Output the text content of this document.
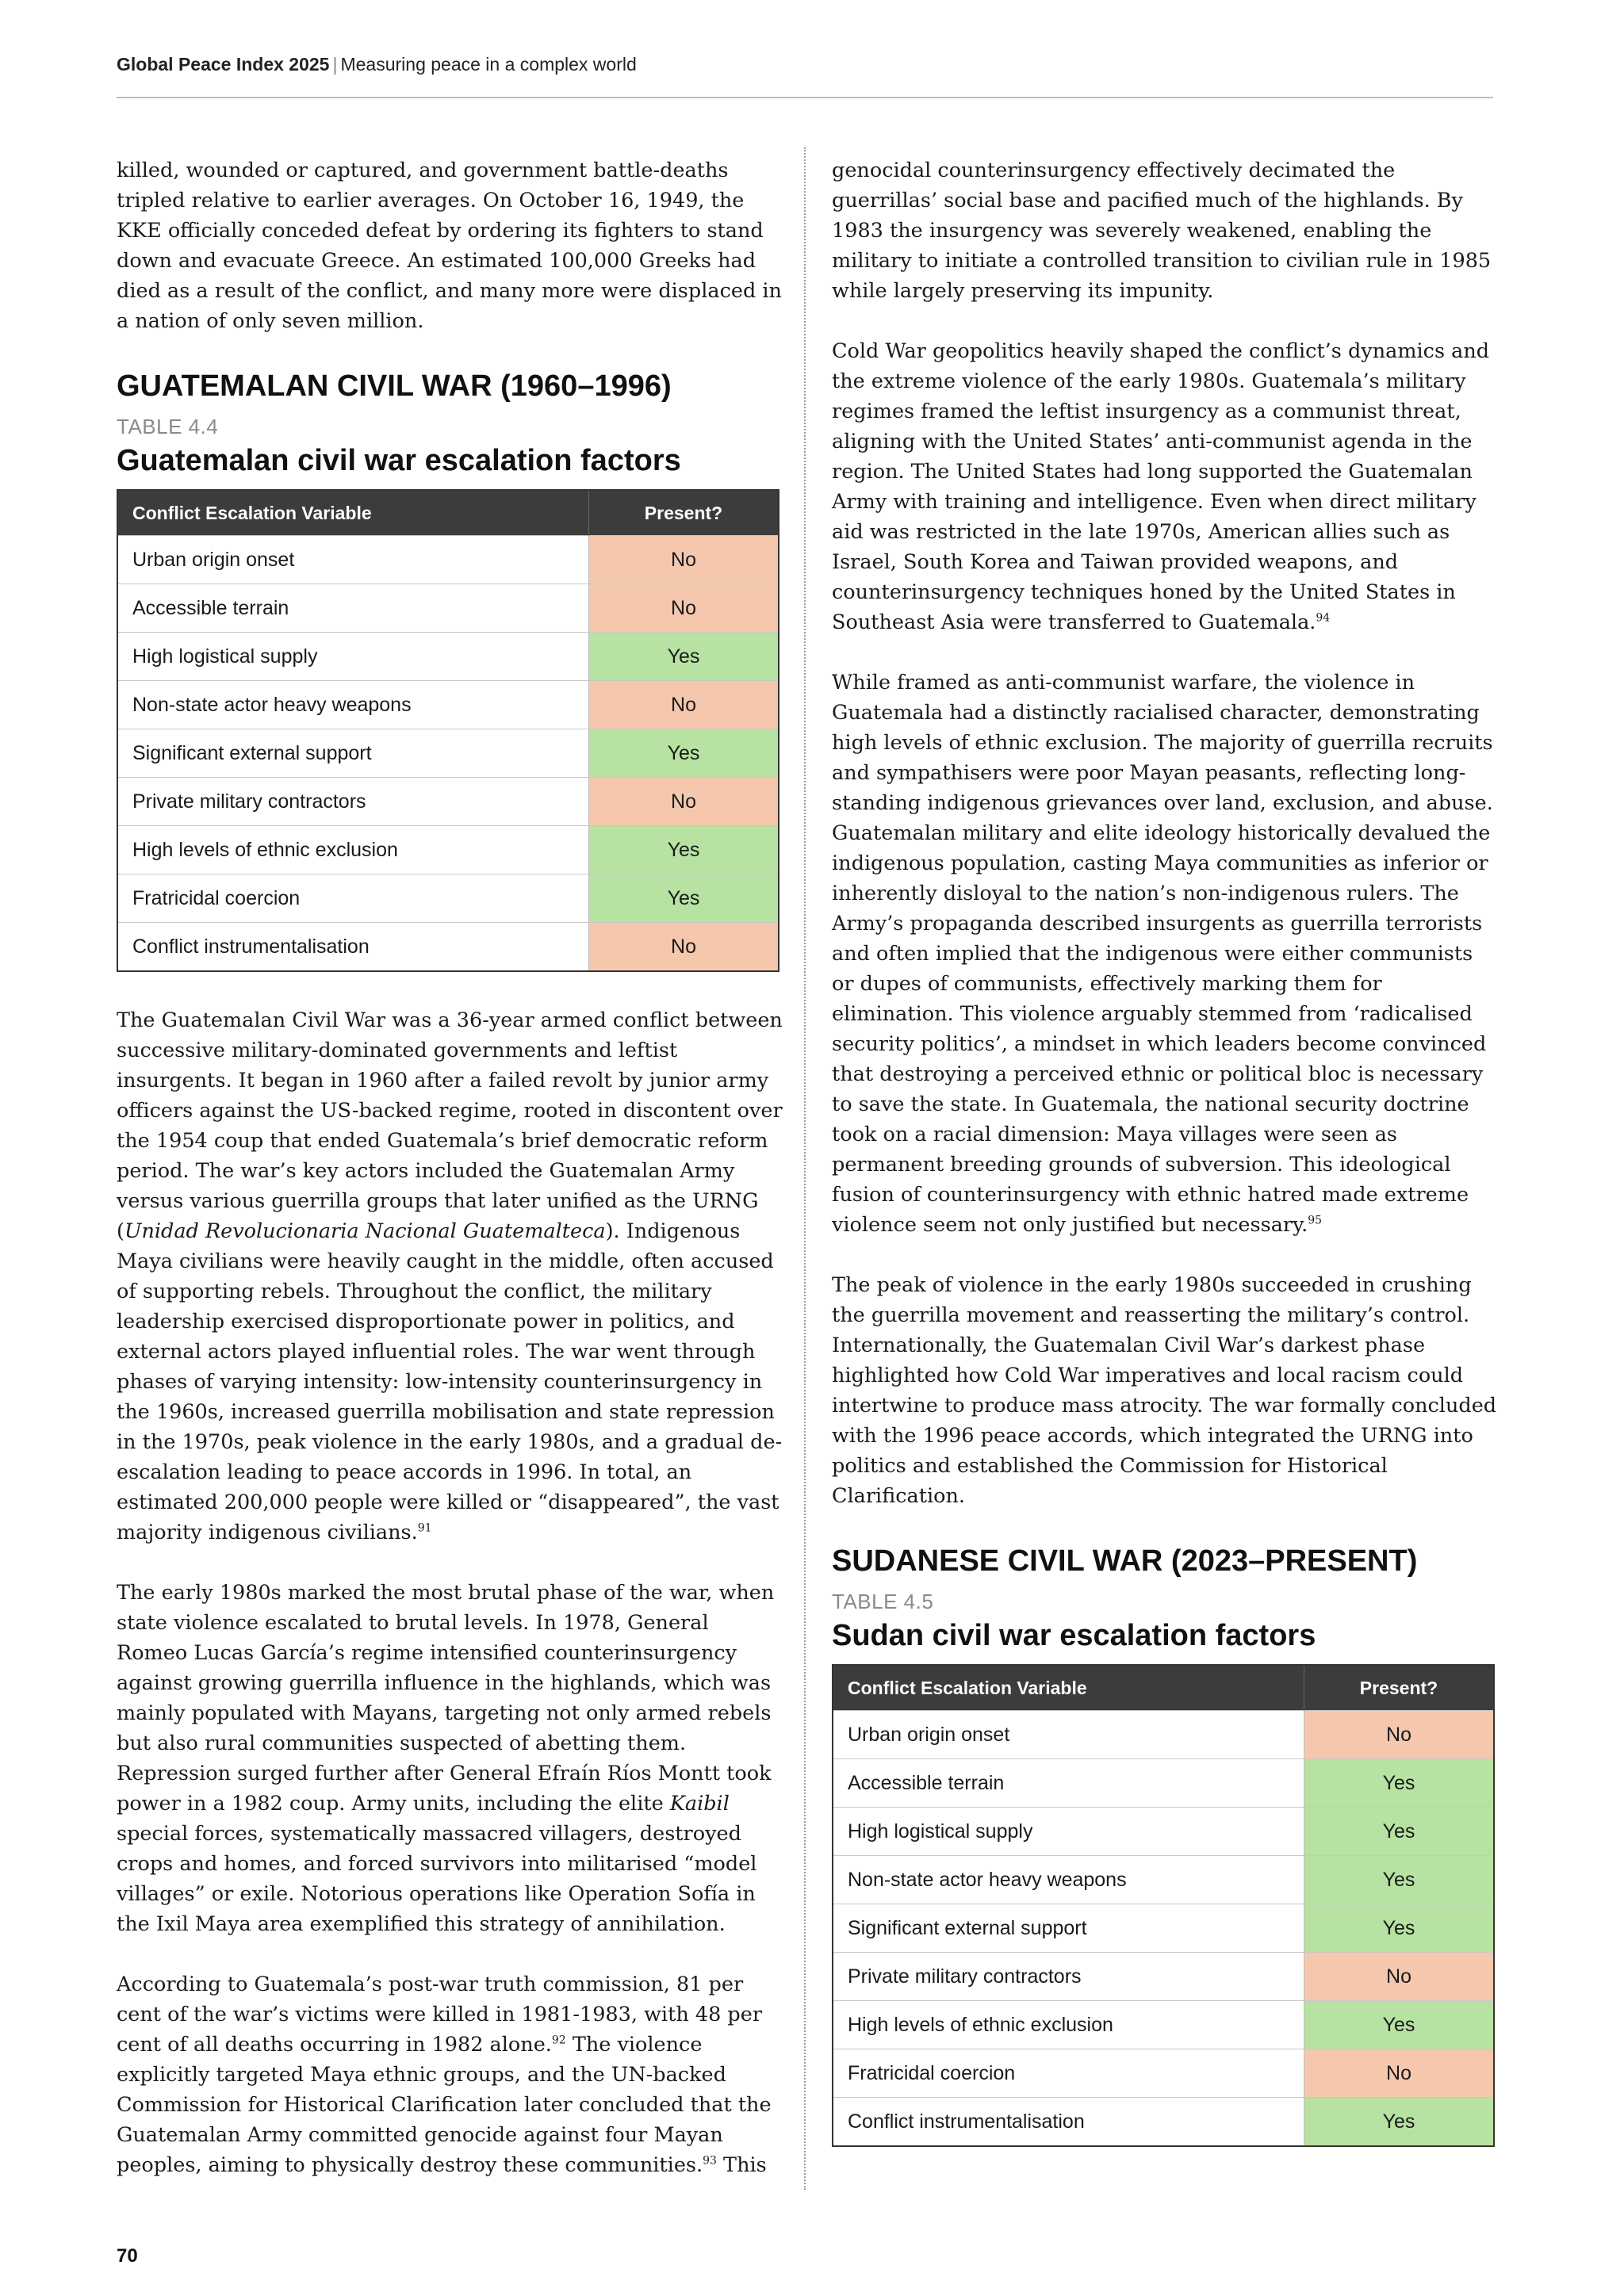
Global Peace Index 2025 | Measuring peace in a complex world

killed, wounded or captured, and government battle-deaths tripled relative to earlier averages. On October 16, 1949, the KKE officially conceded defeat by ordering its fighters to stand down and evacuate Greece. An estimated 100,000 Greeks had died as a result of the conflict, and many more were displaced in a nation of only seven million.

GUATEMALAN CIVIL WAR (1960–1996)
TABLE 4.4
Guatemalan civil war escalation factors
Conflict Escalation Variable	Present?
Urban origin onset	No
Accessible terrain	No
High logistical supply	Yes
Non-state actor heavy weapons	No
Significant external support	Yes
Private military contractors	No
High levels of ethnic exclusion	Yes
Fratricidal coercion	Yes
Conflict instrumentalisation	No

The Guatemalan Civil War was a 36-year armed conflict between successive military-dominated governments and leftist insurgents. It began in 1960 after a failed revolt by junior army officers against the US-backed regime, rooted in discontent over the 1954 coup that ended Guatemala’s brief democratic reform period. The war’s key actors included the Guatemalan Army versus various guerrilla groups that later unified as the URNG (Unidad Revolucionaria Nacional Guatemalteca). Indigenous Maya civilians were heavily caught in the middle, often accused of supporting rebels. Throughout the conflict, the military leadership exercised disproportionate power in politics, and external actors played influential roles. The war went through phases of varying intensity: low-intensity counterinsurgency in the 1960s, increased guerrilla mobilisation and state repression in the 1970s, peak violence in the early 1980s, and a gradual de-escalation leading to peace accords in 1996. In total, an estimated 200,000 people were killed or “disappeared”, the vast majority indigenous civilians.$^{91}$

The early 1980s marked the most brutal phase of the war, when state violence escalated to brutal levels. In 1978, General Romeo Lucas García’s regime intensified counterinsurgency against growing guerrilla influence in the highlands, which was mainly populated with Mayans, targeting not only armed rebels but also rural communities suspected of abetting them. Repression surged further after General Efraín Ríos Montt took power in a 1982 coup. Army units, including the elite Kaibil special forces, systematically massacred villagers, destroyed crops and homes, and forced survivors into militarised “model villages” or exile. Notorious operations like Operation Sofía in the Ixil Maya area exemplified this strategy of annihilation.

According to Guatemala’s post-war truth commission, 81 per cent of the war’s victims were killed in 1981-1983, with 48 per cent of all deaths occurring in 1982 alone.$^{92}$ The violence explicitly targeted Maya ethnic groups, and the UN-backed Commission for Historical Clarification later concluded that the Guatemalan Army committed genocide against four Mayan peoples, aiming to physically destroy these communities.$^{93}$ This

genocidal counterinsurgency effectively decimated the guerrillas’ social base and pacified much of the highlands. By 1983 the insurgency was severely weakened, enabling the military to initiate a controlled transition to civilian rule in 1985 while largely preserving its impunity.

Cold War geopolitics heavily shaped the conflict’s dynamics and the extreme violence of the early 1980s. Guatemala’s military regimes framed the leftist insurgency as a communist threat, aligning with the United States’ anti-communist agenda in the region. The United States had long supported the Guatemalan Army with training and intelligence. Even when direct military aid was restricted in the late 1970s, American allies such as Israel, South Korea and Taiwan provided weapons, and counterinsurgency techniques honed by the United States in Southeast Asia were transferred to Guatemala.$^{94}$

While framed as anti-communist warfare, the violence in Guatemala had a distinctly racialised character, demonstrating high levels of ethnic exclusion. The majority of guerrilla recruits and sympathisers were poor Mayan peasants, reflecting long-standing indigenous grievances over land, exclusion, and abuse. Guatemalan military and elite ideology historically devalued the indigenous population, casting Maya communities as inferior or inherently disloyal to the nation’s non-indigenous rulers. The Army’s propaganda described insurgents as guerrilla terrorists and often implied that the indigenous were either communists or dupes of communists, effectively marking them for elimination. This violence arguably stemmed from ‘radicalised security politics’, a mindset in which leaders become convinced that destroying a perceived ethnic or political bloc is necessary to save the state. In Guatemala, the national security doctrine took on a racial dimension: Maya villages were seen as permanent breeding grounds of subversion. This ideological fusion of counterinsurgency with ethnic hatred made extreme violence seem not only justified but necessary.$^{95}$

The peak of violence in the early 1980s succeeded in crushing the guerrilla movement and reasserting the military’s control. Internationally, the Guatemalan Civil War’s darkest phase highlighted how Cold War imperatives and local racism could intertwine to produce mass atrocity. The war formally concluded with the 1996 peace accords, which integrated the URNG into politics and established the Commission for Historical Clarification.

SUDANESE CIVIL WAR (2023–PRESENT)
TABLE 4.5
Sudan civil war escalation factors
Conflict Escalation Variable	Present?
Urban origin onset	No
Accessible terrain	Yes
High logistical supply	Yes
Non-state actor heavy weapons	Yes
Significant external support	Yes
Private military contractors	No
High levels of ethnic exclusion	Yes
Fratricidal coercion	No
Conflict instrumentalisation	Yes
70
